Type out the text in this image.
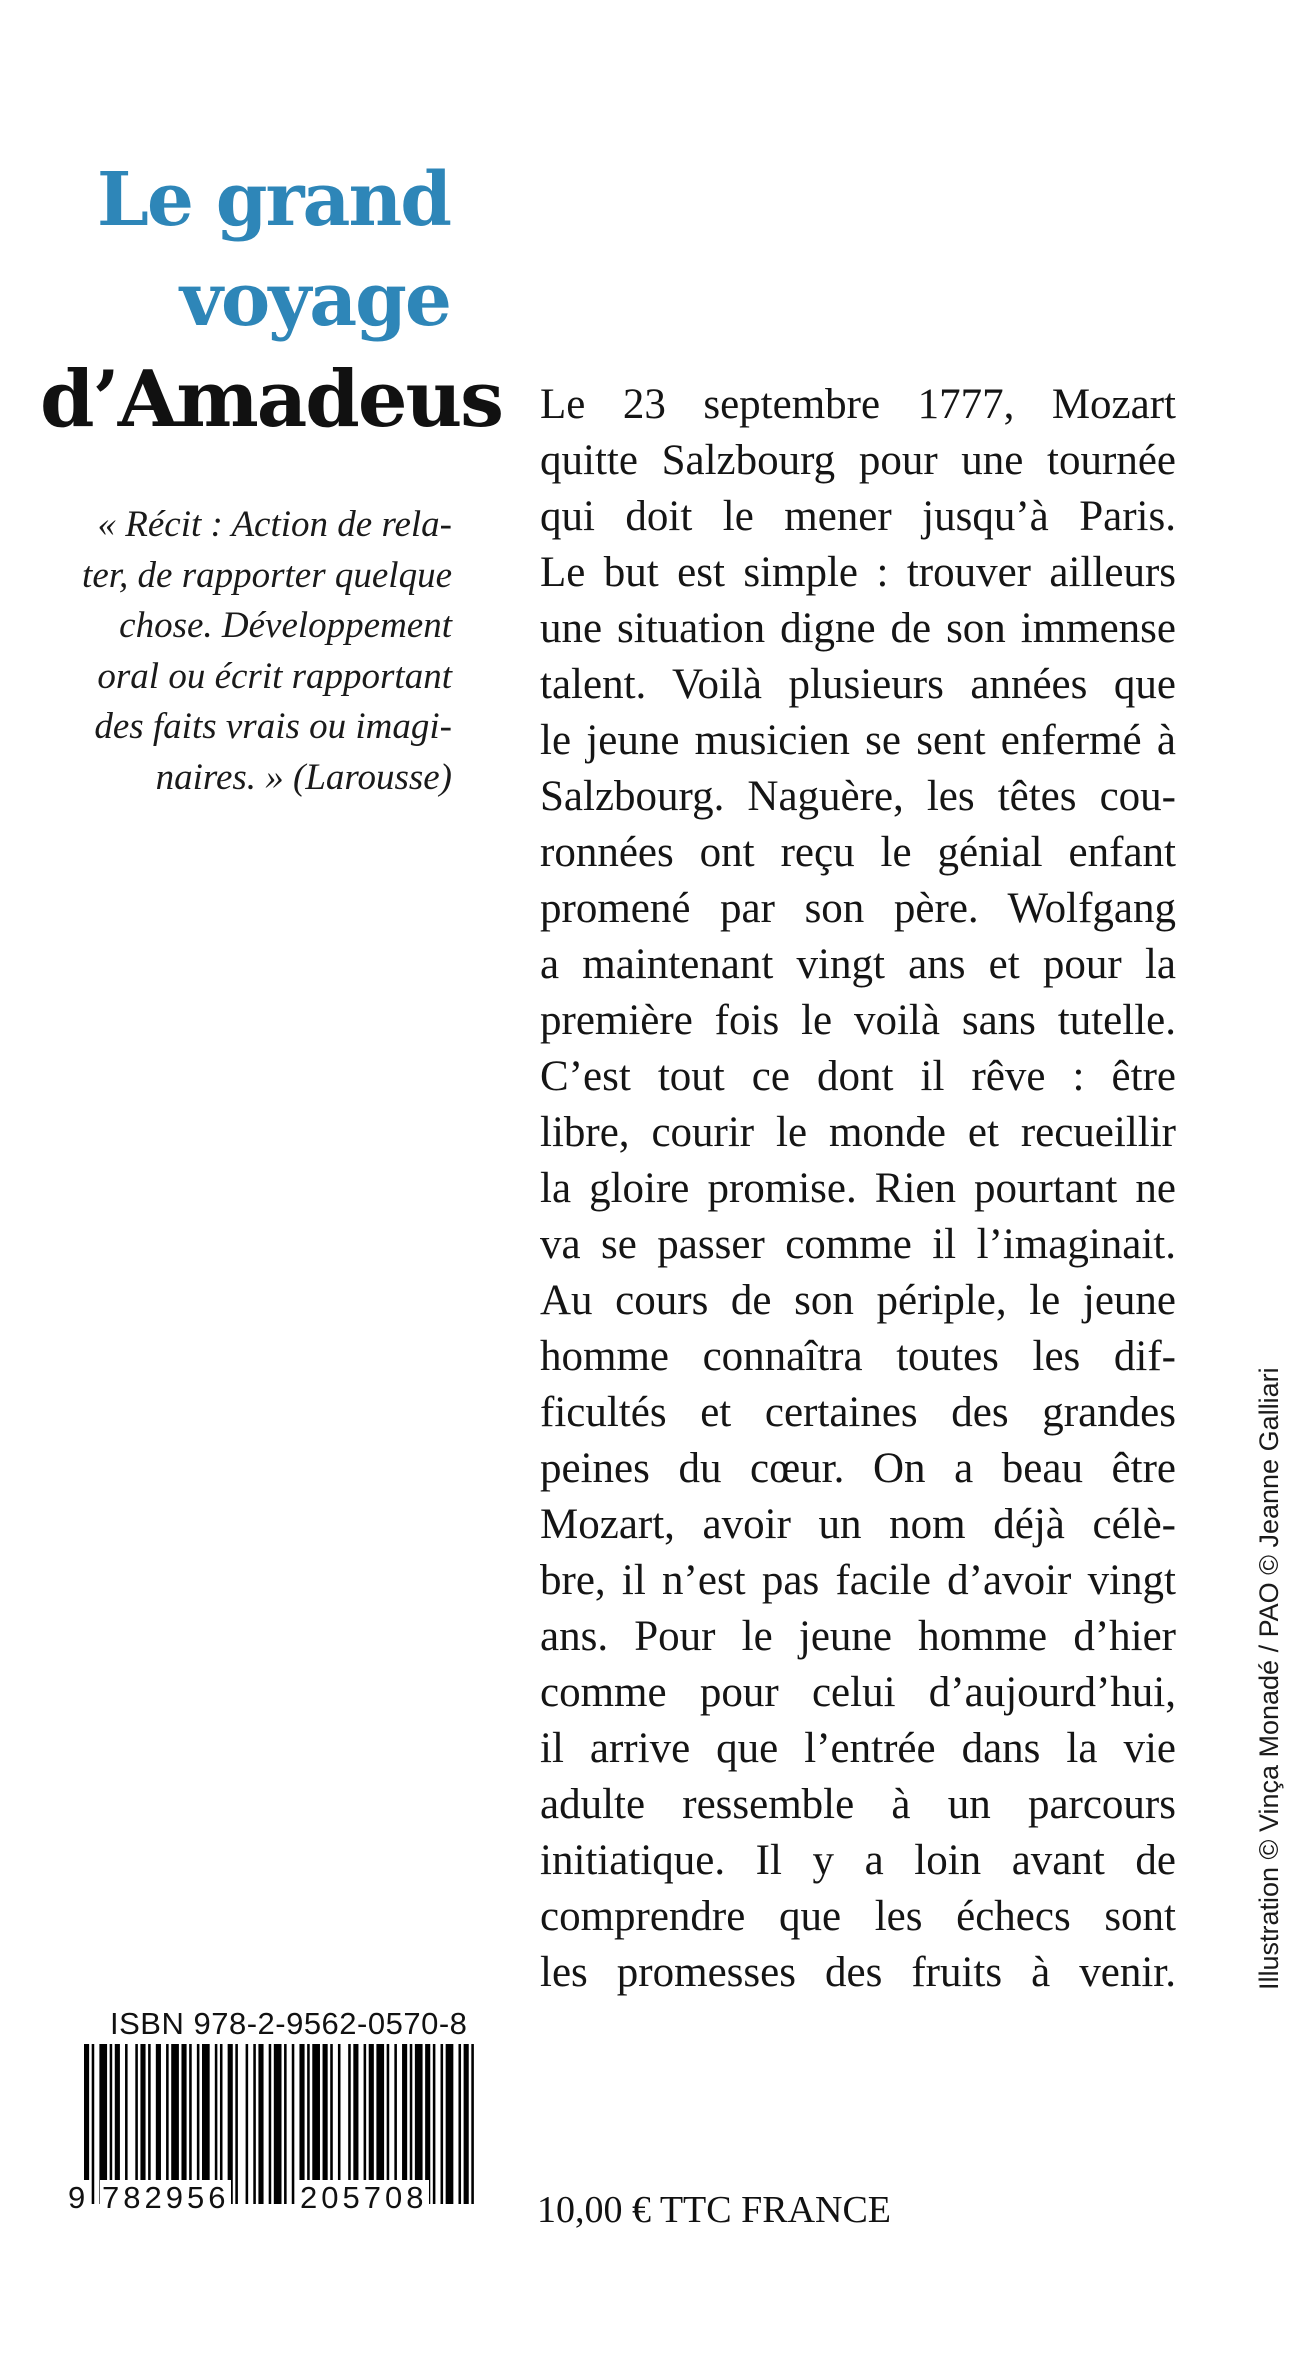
Le grand
voyage
d’Amadeus
« Récit : Action de rela-
ter, de rapporter quelque
chose. Développement
oral ou écrit rapportant
des faits vrais ou imagi-
naires. » (Larousse)
Le 23 septembre 1777, Mozart
quitte Salzbourg pour une tournée
qui doit le mener jusqu’à Paris.
Le but est simple : trouver ailleurs
une situation digne de son immense
talent. Voilà plusieurs années que
le jeune musicien se sent enfermé à
Salzbourg. Naguère, les têtes cou-
ronnées ont reçu le génial enfant
promené par son père. Wolfgang
a maintenant vingt ans et pour la
première fois le voilà sans tutelle.
C’est tout ce dont il rêve : être
libre, courir le monde et recueillir
la gloire promise. Rien pourtant ne
va se passer comme il l’imaginait.
Au cours de son périple, le jeune
homme connaîtra toutes les dif-
ficultés et certaines des grandes
peines du cœur. On a beau être
Mozart, avoir un nom déjà célè-
bre, il n’est pas facile d’avoir vingt
ans. Pour le jeune homme d’hier
comme pour celui d’aujourd’hui,
il arrive que l’entrée dans la vie
adulte ressemble à un parcours
initiatique. Il y a loin avant de
comprendre que les échecs sont
les promesses des fruits à venir.	Illustration © Vinça Monadé / PAO © Jeanne Galliari
ISBN 978-2-9562-0570-8
9 782956 205708	10,00 € TTC FRANCE
